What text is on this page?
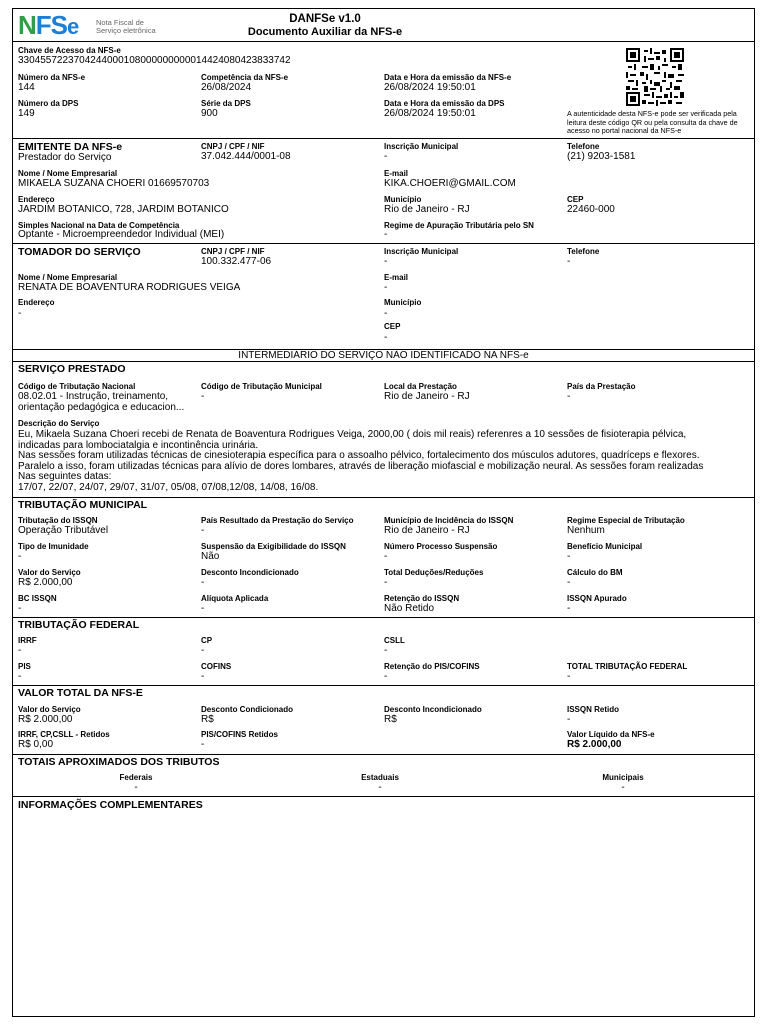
NFSe Nota Fiscal de
Serviço eletrônica
DANFSe v1.0
Documento Auxiliar da NFS-e
Chave de Acesso da NFS-e
33045572237042440001080000000000144240804238337​42
Número da NFS-e
144
Competência da NFS-e
26/08/2024
Data e Hora da emissão da NFS-e
26/08/2024 19:50:01
Número da DPS
149
Série da DPS
900
Data e Hora da emissão da DPS
26/08/2024 19:50:01	A autenticidade desta NFS-e pode ser verificada pela leitura deste código QR ou pela consulta da chave de acesso no portal nacional da NFS-e
EMITENTE DA NFS-e
Prestador do Serviço
CNPJ / CPF / NIF
37.042.444/0001-08
Inscrição Municipal
-
Telefone
(21) 9203-1581
Nome / Nome Empresarial
MIKAELA SUZANA CHOERI 01669570703
E-mail
KIKA.CHOERI@GMAIL.COM
Endereço
JARDIM BOTANICO, 728, JARDIM BOTANICO
Município
Rio de Janeiro - RJ
CEP
22460-000
Simples Nacional na Data de Competência
Optante - Microempreendedor Individual (MEI)
Regime de Apuração Tributária pelo SN
-
TOMADOR DO SERVIÇO	CNPJ / CPF / NIF
100.332.477-06
Inscrição Municipal
-
Telefone
-
Nome / Nome Empresarial
RENATA DE BOAVENTURA RODRIGUES VEIGA
E-mail
-
Endereço
-
Município
-
CEP
-
INTERMEDIÁRIO DO SERVIÇO NÃO IDENTIFICADO NA NFS-e
SERVIÇO PRESTADO
Código de Tributação Nacional
08.02.01 - Instrução, treinamento,
orientação pedagógica e educacion...
Código de Tributação Municipal
-
Local da Prestação
Rio de Janeiro - RJ
País da Prestação
-
Descrição do Serviço

Eu, Mikaela Suzana Choeri recebi de Renata de Boaventura Rodrigues Veiga, 2000,00 ( dois mil reais) referenres a 10 sessões de fisioterapia pélvica,

indicadas para lombociatalgia e incontinência urinária.

Nas sessões foram utilizadas técnicas de cinesioterapia específica para o assoalho pélvico, fortalecimento dos músculos adutores, quadríceps e flexores.

Paralelo a isso, foram utilizadas técnicas para alívio de dores lombares, através de liberação miofascial e mobilização neural. As sessões foram realizadas

Nas seguintes datas:

17/07, 22/07, 24/07, 29/07, 31/07, 05/08, 07/08,12/08, 14/08, 16/08.

TRIBUTAÇÃO MUNICIPAL
Tributação do ISSQN
Operação Tributável
País Resultado da Prestação do Serviço
-
Município de Incidência do ISSQN
Rio de Janeiro - RJ
Regime Especial de Tributação
Nenhum
Tipo de Imunidade
-
Suspensão da Exigibilidade do ISSQN
Não
Número Processo Suspensão
-
Benefício Municipal
-
Valor do Serviço
R$ 2.000,00
Desconto Incondicionado
-
Total Deduções/Reduções
-
Cálculo do BM
-
BC ISSQN
-
Alíquota Aplicada
-
Retenção do ISSQN
Não Retido
ISSQN Apurado
-
TRIBUTAÇÃO FEDERAL
IRRF
-
CP
-
CSLL
-
PIS
-
COFINS
-
Retenção do PIS/COFINS
-
TOTAL TRIBUTAÇÃO FEDERAL
-
VALOR TOTAL DA NFS-E
Valor do Serviço
R$ 2.000,00
Desconto Condicionado
R$
Desconto Incondicionado
R$
ISSQN Retido
-
IRRF, CP,CSLL - Retidos
R$ 0,00
PIS/COFINS Retidos
-
Valor Líquido da NFS-e
R$ 2.000,00
TOTAIS APROXIMADOS DOS TRIBUTOS
Federais
-
Estaduais
-
Municipais
-
INFORMAÇÕES COMPLEMENTARES
